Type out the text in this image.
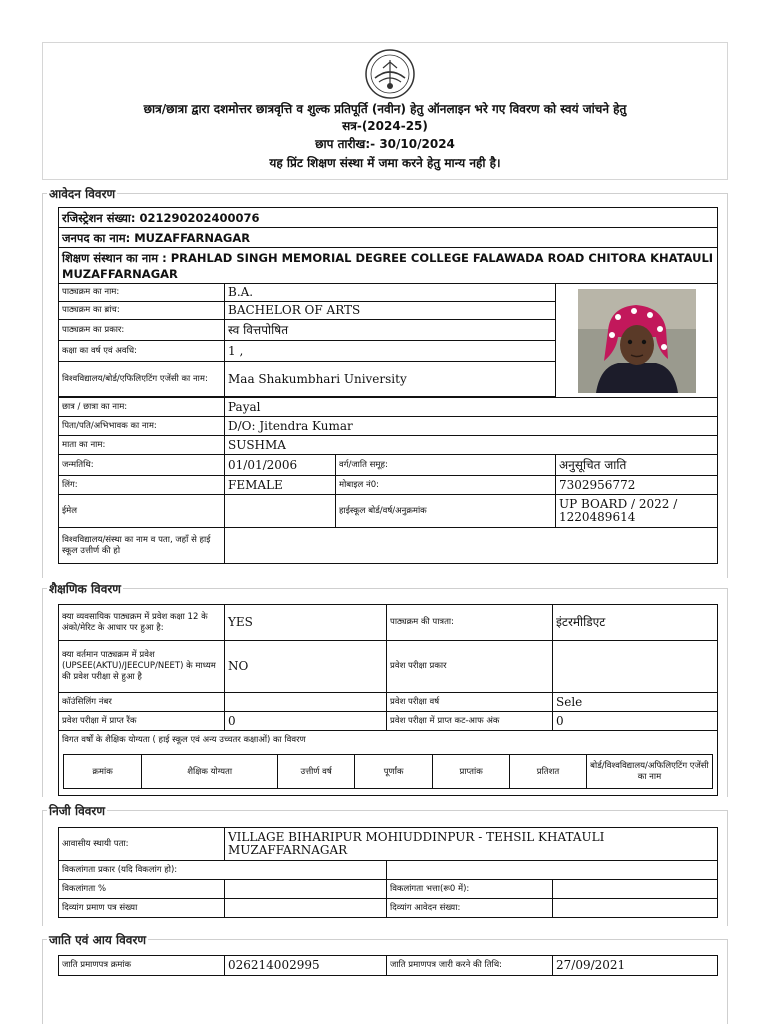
छात्र/छात्रा द्वारा दशमोत्तर छात्रवृत्ति व शुल्क प्रतिपूर्ति (नवीन) हेतु ऑनलाइन भरे गए विवरण को स्वयं जांचने हेतु
सत्र-(2024-25)
छाप तारीख:- 30/10/2024
यह प्रिंट शिक्षण संस्था में जमा करने हेतु मान्य नही है।
आवेदन विवरण
रजिस्ट्रेशन संख्या: 021290202400076			
जनपद का नाम: MUZAFFARNAGAR			
शिक्षण संस्थान का नाम : PRAHLAD SINGH MEMORIAL DEGREE COLLEGE FALAWADA ROAD CHITORA KHATAULI MUZAFFARNAGAR			
पाठ्यक्रम का नाम:	B.A.	

पाठ्यक्रम का ब्रांच:	BACHELOR OF ARTS		
पाठ्यक्रम का प्रकार:	स्व वित्तपोषित		
कक्षा का वर्ष एवं अवधि:	1 ,		
विश्वविद्यालय/बोर्ड/एफिलिएटिंग एजेंसी का नाम:	Maa Shakumbhari University		

छात्र / छात्रा का नाम:	Payal		
पिता/पति/अभिभावक का नाम:	D/O: Jitendra Kumar		
माता का नाम:	SUSHMA		
जन्मतिथि:	01/01/2006	वर्ग/जाति समूह:	अनुसूचित जाति
लिंग:	FEMALE	मोबाइल नं0:	7302956772
ईमेल		हाईस्कूल बोर्ड/वर्ष/अनुक्रमांक	UP BOARD / 2022 / 1220489614
विश्वविद्यालय/संस्था का नाम व पता, जहाँ से हाई स्कूल उत्तीर्ण की हो			
शैक्षणिक विवरण
क्या व्यवसायिक पाठ्यक्रम में प्रवेश कक्षा 12 के अंको/मेरिट के आधार पर हुआ है:	YES	पाठ्यक्रम की पात्रता:	इंटरमीडिएट
क्या वर्तमान पाठ्यक्रम में प्रवेश (UPSEE(AKTU)/JEECUP/NEET) के माध्यम की प्रवेश परीक्षा से हुआ है	NO	प्रवेश परीक्षा प्रकार	
कॉउंसिलिंग नंबर		प्रवेश परीक्षा वर्ष	Sele
प्रवेश परीक्षा में प्राप्त रैंक	0	प्रवेश परीक्षा में प्राप्त कट-आफ अंक	0
विगत वर्षों के शैक्षिक योग्यता ( हाई स्कूल एवं अन्य उच्चतर कक्षाओं) का विवरण

क्रमांक	शैक्षिक योग्यता	उत्तीर्ण वर्ष	पूर्णांक	प्राप्तांक	प्रतिशत	बोर्ड/विश्वविद्यालय/अफिलिएटिंग एजेंसी का नाम
निजी विवरण
आवासीय स्थायी पता:	VILLAGE BIHARIPUR MOHIUDDINPUR - TEHSIL KHATAULI MUZAFFARNAGAR		
विकलांगता प्रकार (यदि विकलांग हो):			
विकलांगता %		विकलांगता भत्ता(रू0 में):	
दिव्यांग प्रमाण पत्र संख्या		दिव्यांग आवेदन संख्या:	
जाति एवं आय विवरण
जाति प्रमाणपत्र क्रमांक	026214002995	जाति प्रमाणपत्र जारी करने की तिथि:	27/09/2021
